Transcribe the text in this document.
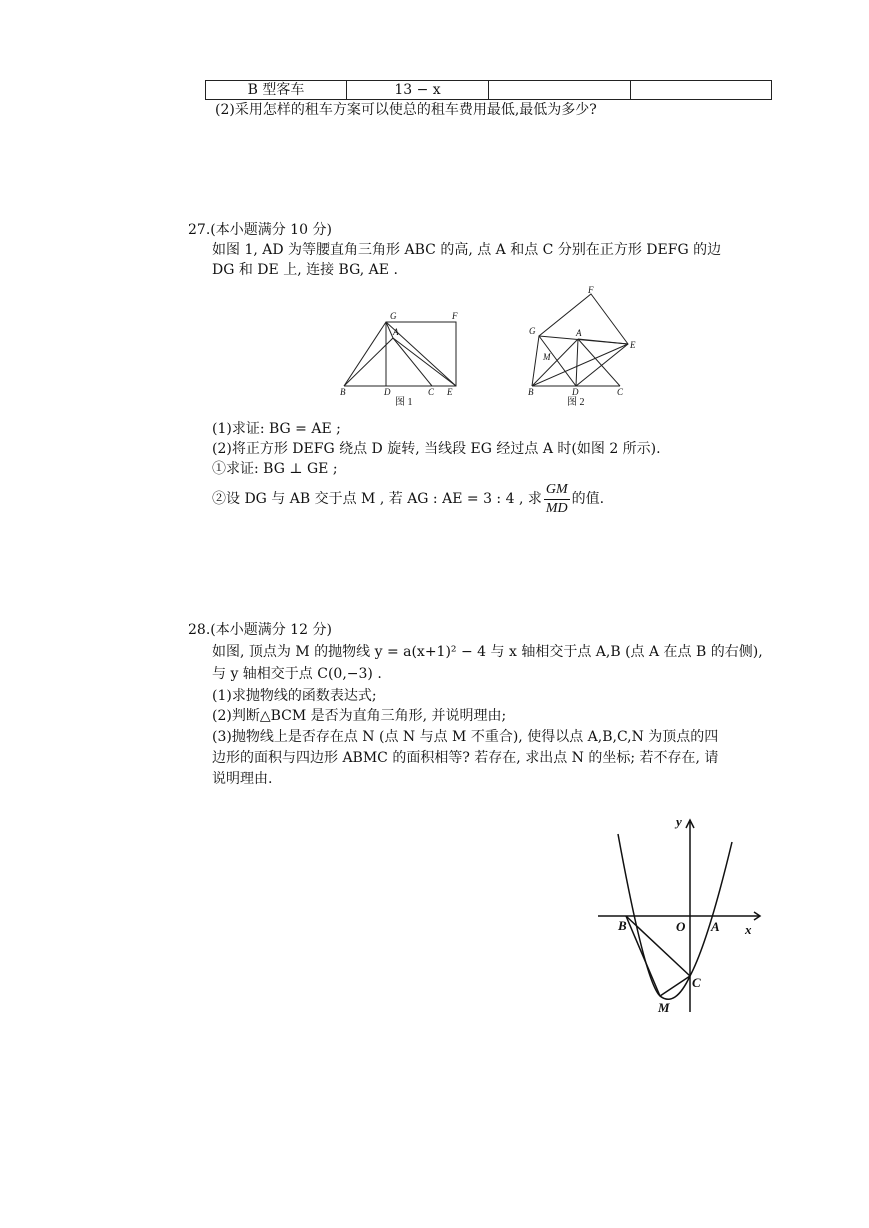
B 型客车	13 − x		
(2)采用怎样的租车方案可以使总的租车费用最低,最低为多少?
27.(本小题满分 10 分)
如图 1, AD 为等腰直角三角形 ABC 的高, 点 A 和点 C 分别在正方形 DEFG 的边
DG 和 DE 上, 连接 BG, AE .
G	F
A
B	D	C E
图 1
F
G	A
E
M
B	D	C
图 2
(1)求证: BG = AE ;
(2)将正方形 DEFG 绕点 D 旋转, 当线段 EG 经过点 A 时(如图 2 所示).
①求证: BG ⊥ GE ;
②设 DG 与 AB 交于点 M , 若 AG : AE = 3 : 4 , 求 $\frac{GM}{MD}$ 的值.
28.(本小题满分 12 分)
如图, 顶点为 M 的抛物线 y = a(x+1)² − 4 与 x 轴相交于点 A,B (点 A 在点 B 的右侧),
与 y 轴相交于点 C(0,−3) .
(1)求抛物线的函数表达式;
(2)判断△BCM 是否为直角三角形, 并说明理由;
(3)抛物线上是否存在点 N (点 N 与点 M 不重合), 使得以点 A,B,C,N 为顶点的四
边形的面积与四边形 ABMC 的面积相等? 若存在, 求出点 N 的坐标; 若不存在, 请
说明理由.
y
x
O A
B
C
M
